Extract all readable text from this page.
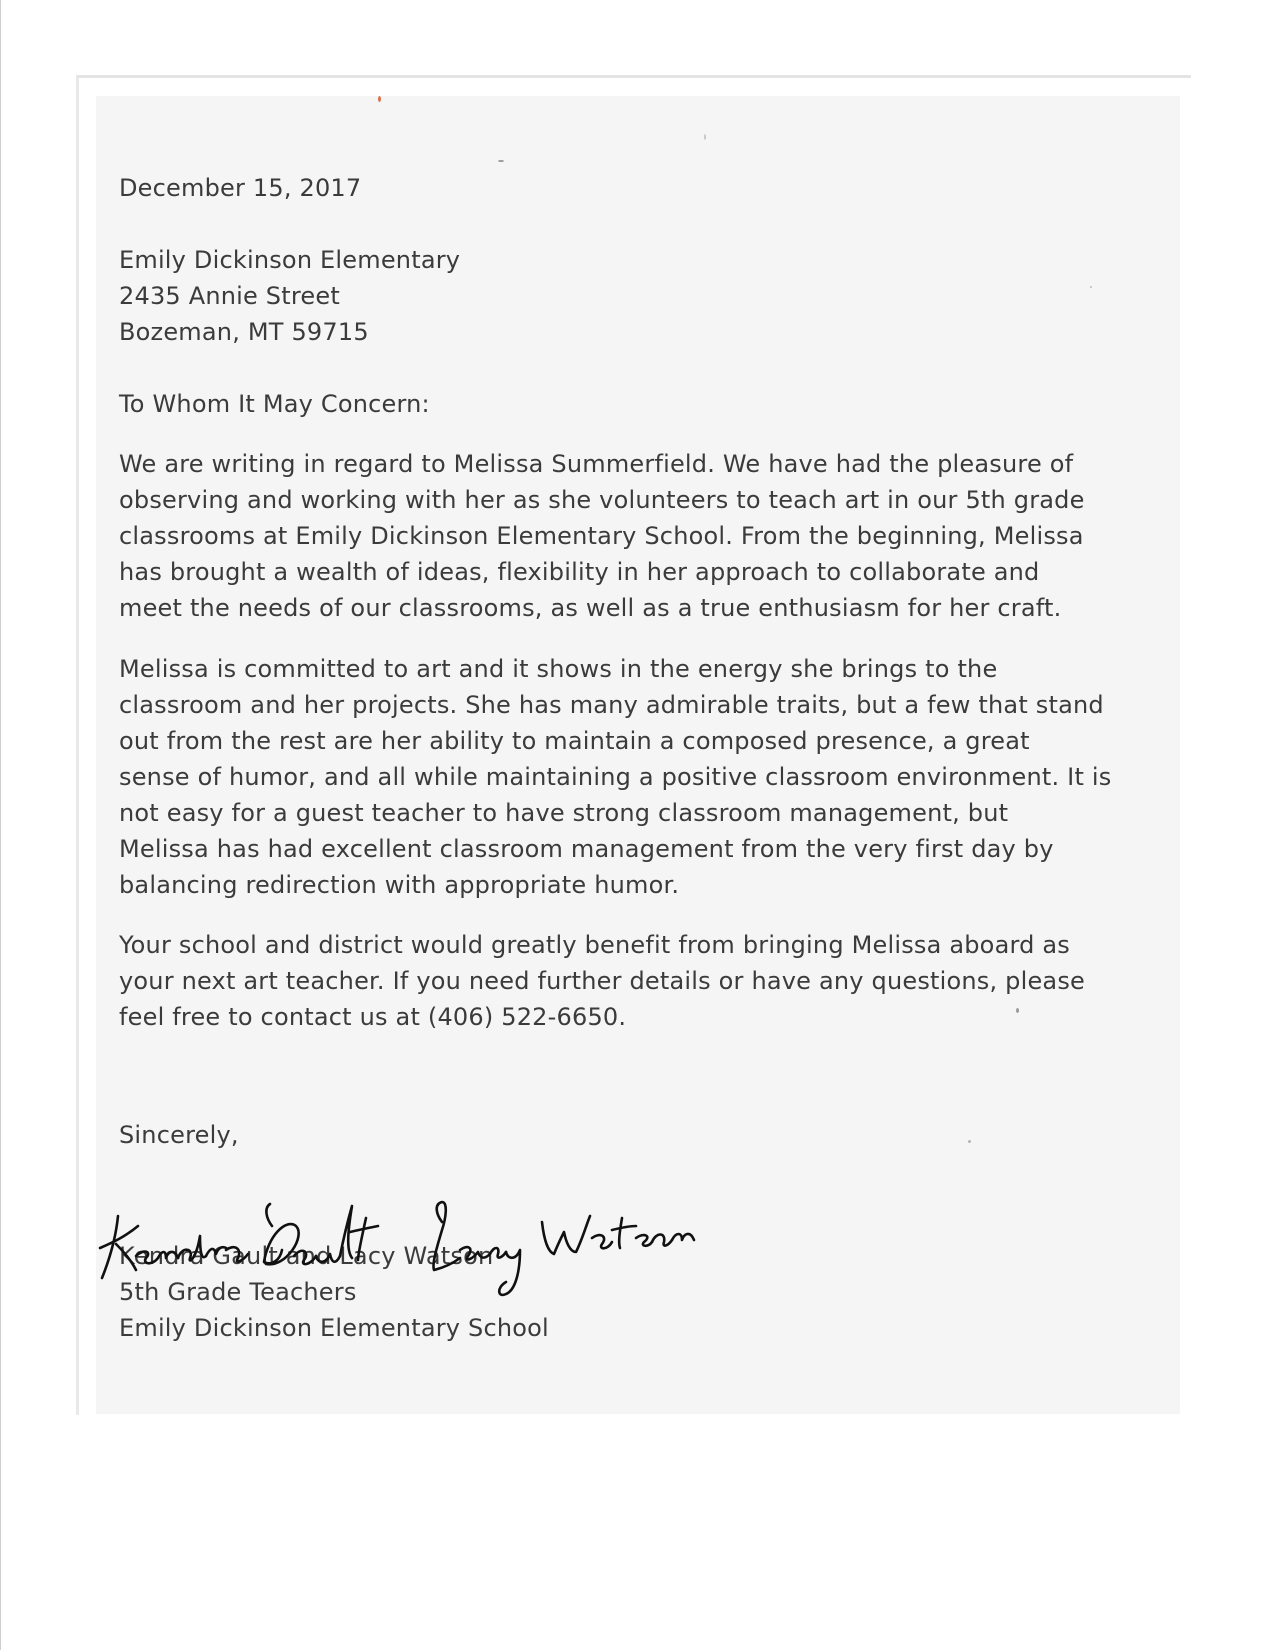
December 15, 2017
Emily Dickinson Elementary
2435 Annie Street
Bozeman, MT 59715
To Whom It May Concern:
We are writing in regard to Melissa Summerfield. We have had the pleasure of
observing and working with her as she volunteers to teach art in our 5th grade
classrooms at Emily Dickinson Elementary School. From the beginning, Melissa
has brought a wealth of ideas, flexibility in her approach to collaborate and
meet the needs of our classrooms, as well as a true enthusiasm for her craft.
Melissa is committed to art and it shows in the energy she brings to the
classroom and her projects. She has many admirable traits, but a few that stand
out from the rest are her ability to maintain a composed presence, a great
sense of humor, and all while maintaining a positive classroom environment. It is
not easy for a guest teacher to have strong classroom management, but
Melissa has had excellent classroom management from the very first day by
balancing redirection with appropriate humor.
Your school and district would greatly benefit from bringing Melissa aboard as
your next art teacher. If you need further details or have any questions, please
feel free to contact us at (406) 522-6650.
Sincerely,
Kendra Gault and Lacy Watson
5th Grade Teachers
Emily Dickinson Elementary School
